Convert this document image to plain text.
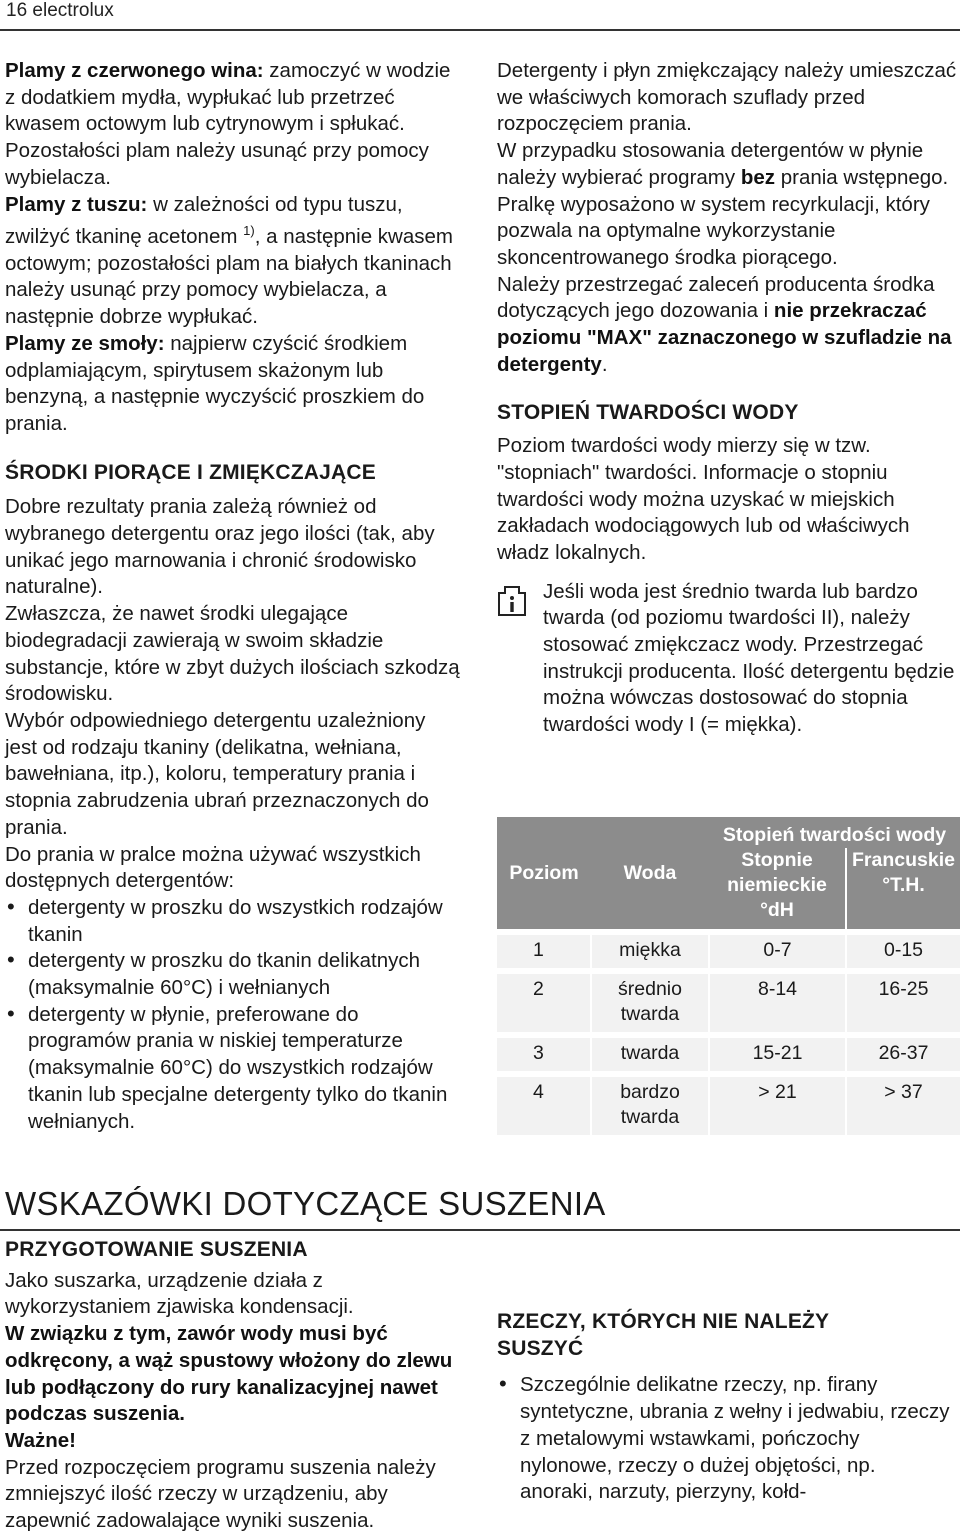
16 electrolux

Plamy z czerwonego wina: zamoczyć w wodzie z dodatkiem mydła, wypłukać lub przetrzeć kwasem octowym lub cytrynowym i spłukać. Pozostałości plam należy usunąć przy pomocy wybielacza.

Plamy z tuszu: w zależności od typu tuszu, zwilżyć tkaninę acetonem $^{1)}$, a następnie kwasem octowym; pozostałości plam na białych tkaninach należy usunąć przy pomocy wybielacza, a następnie dobrze wypłukać.

Plamy ze smoły: najpierw czyścić środkiem odplamiającym, spirytusem skażonym lub benzyną, a następnie wyczyścić proszkiem do prania.

ŚRODKI PIORĄCE I ZMIĘKCZAJĄCE

Dobre rezultaty prania zależą również od wybranego detergentu oraz jego ilości (tak, aby unikać jego marnowania i chronić środowisko naturalne).

Zwłaszcza, że nawet środki ulegające biodegradacji zawierają w swoim składzie substancje, które w zbyt dużych ilościach szkodzą środowisku.

Wybór odpowiedniego detergentu uzależniony jest od rodzaju tkaniny (delikatna, wełniana, bawełniana, itp.), koloru, temperatury prania i stopnia zabrudzenia ubrań przeznaczonych do prania.

Do prania w pralce można używać wszystkich dostępnych detergentów:

• detergenty w proszku do wszystkich rodzajów tkanin
• detergenty w proszku do tkanin delikatnych (maksymalnie 60°C) i wełnianych
• detergenty w płynie, preferowane do programów prania w niskiej temperaturze (maksymalnie 60°C) do wszystkich rodzajów tkanin lub specjalne detergenty tylko do tkanin wełnianych.

Detergenty i płyn zmiękczający należy umieszczać we właściwych komorach szuflady przed rozpoczęciem prania.

W przypadku stosowania detergentów w płynie należy wybierać programy bez prania wstępnego.

Pralkę wyposażono w system recyrkulacji, który pozwala na optymalne wykorzystanie skoncentrowanego środka piorącego.

Należy przestrzegać zaleceń producenta środka dotyczących jego dozowania i nie przekraczać poziomu "MAX" zaznaczonego w szufladzie na detergenty.

STOPIEŃ TWARDOŚCI WODY

Poziom twardości wody mierzy się w tzw. "stopniach" twardości. Informacje o stopniu twardości wody można uzyskać w miejskich zakładach wodociągowych lub od właściwych władz lokalnych.

Jeśli woda jest średnio twarda lub bardzo twarda (od poziomu twardości II), należy stosować zmiękczacz wody. Przestrzegać instrukcji producenta. Ilość detergentu będzie można wówczas dostosować do stopnia twardości wody I (= miękka).
Poziom	Woda	Stopień twardości wody	
		Stopnie niemieckie °dH	Francuskie °T.H.
1	miękka	0-7	0-15
2	średnio twarda	8-14	16-25
3	twarda	15-21	26-37
4	bardzo twarda	> 21	> 37
WSKAZÓWKI DOTYCZĄCE SUSZENIA

PRZYGOTOWANIE SUSZENIA

Jako suszarka, urządzenie działa z wykorzystaniem zjawiska kondensacji.

W związku z tym, zawór wody musi być odkręcony, a wąż spustowy włożony do zlewu lub podłączony do rury kanalizacyjnej nawet podczas suszenia.

Ważne!

Przed rozpoczęciem programu suszenia należy zmniejszyć ilość rzeczy w urządzeniu, aby zapewnić zadowalające wyniki suszenia.

RZECZY, KTÓRYCH NIE NALEŻY SUSZYĆ

• Szczególnie delikatne rzeczy, np. firany syntetyczne, ubrania z wełny i jedwabiu, rzeczy z metalowymi wstawkami, pończochy nylonowe, rzeczy o dużej objętości, np. anoraki, narzuty, pierzyny, kołd-
